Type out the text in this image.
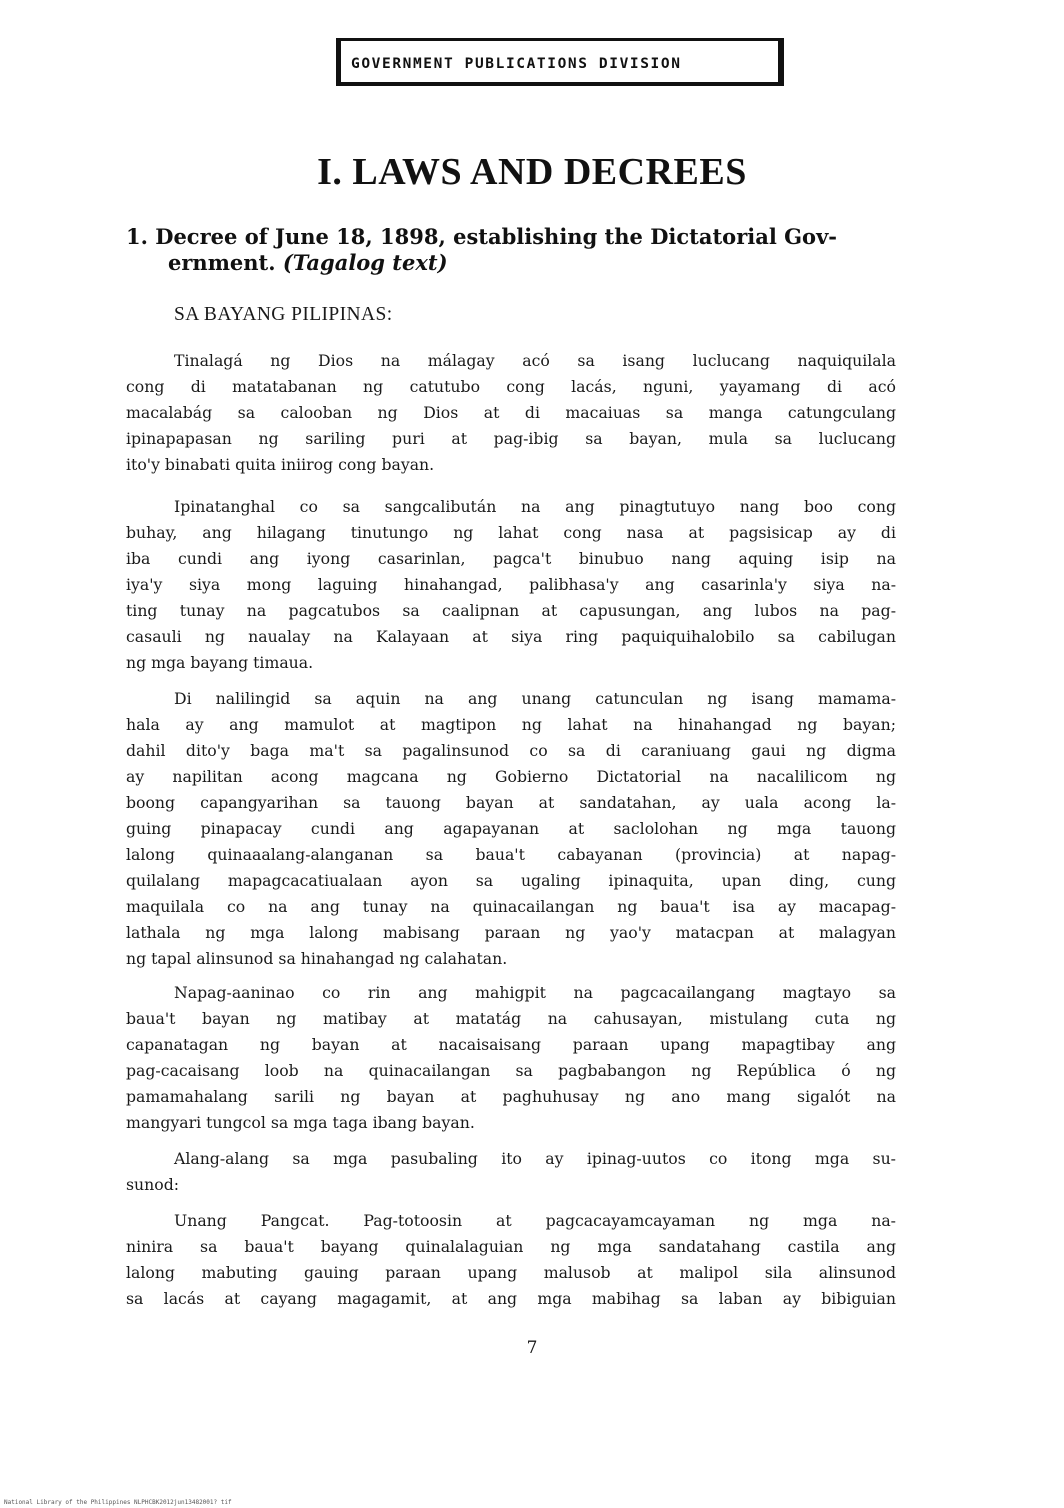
GOVERNMENT PUBLICATIONS DIVISION
I. LAWS AND DECREES

1. Decree of June 18, 1898, establishing the Dictatorial Gov-

ernment. (Tagalog text)

SA BAYANG PILIPINAS:
Tinalagá ng Dios na málagay acó sa isang luclucang naquiquilala
cong di matatabanan ng catutubo cong lacás, nguni, yayamang di acó
macalabág sa calooban ng Dios at di macaiuas sa manga catungculang
ipinapapasan ng sariling puri at pag-ibig sa bayan, mula sa luclucang
ito'y binabati quita iniirog cong bayan.
Ipinatanghal co sa sangcalibután na ang pinagtutuyo nang boo cong
buhay, ang hilagang tinutungo ng lahat cong nasa at pagsisicap ay di
iba cundi ang iyong casarinlan, pagca't binubuo nang aquing isip na
iya'y siya mong laguing hinahangad, palibhasa'y ang casarinla'y siya na-
ting tunay na pagcatubos sa caalipnan at capusungan, ang lubos na pag-
casauli ng naualay na Kalayaan at siya ring paquiquihalobilo sa cabilugan
ng mga bayang timaua.
Di nalilingid sa aquin na ang unang catunculan ng isang mamama-
hala ay ang mamulot at magtipon ng lahat na hinahangad ng bayan;
dahil dito'y baga ma't sa pagalinsunod co sa di caraniuang gaui ng digma
ay napilitan acong magcana ng Gobierno Dictatorial na nacalilicom ng
boong capangyarihan sa tauong bayan at sandatahan, ay uala acong la-
guing pinapacay cundi ang agapayanan at saclolohan ng mga tauong
lalong quinaaalang-alanganan sa baua't cabayanan (provincia) at napag-
quilalang mapagcacatiualaan ayon sa ugaling ipinaquita, upan ding, cung
maquilala co na ang tunay na quinacailangan ng baua't isa ay macapag-
lathala ng mga lalong mabisang paraan ng yao'y matacpan at malagyan
ng tapal alinsunod sa hinahangad ng calahatan.
Napag-aaninao co rin ang mahigpit na pagcacailangang magtayo sa
baua't bayan ng matibay at matatág na cahusayan, mistulang cuta ng
capanatagan ng bayan at nacaisaisang paraan upang mapagtibay ang
pag-cacaisang loob na quinacailangan sa pagbabangon ng República ó ng
pamamahalang sarili ng bayan at paghuhusay ng ano mang sigalót na
mangyari tungcol sa mga taga ibang bayan.
Alang-alang sa mga pasubaling ito ay ipinag-uutos co itong mga su-
sunod:
Unang Pangcat. Pag-totoosin at pagcacayamcayaman ng mga na-
ninira sa baua't bayang quinalalaguian ng mga sandatahang castila ang
lalong mabuting gauing paraan upang malusob at malipol sila alinsunod
sa lacás at cayang magagamit, at ang mga mabihag sa laban ay bibiguian
7
National Library of the Philippines NLPHCBK2012jun13482001? tif
